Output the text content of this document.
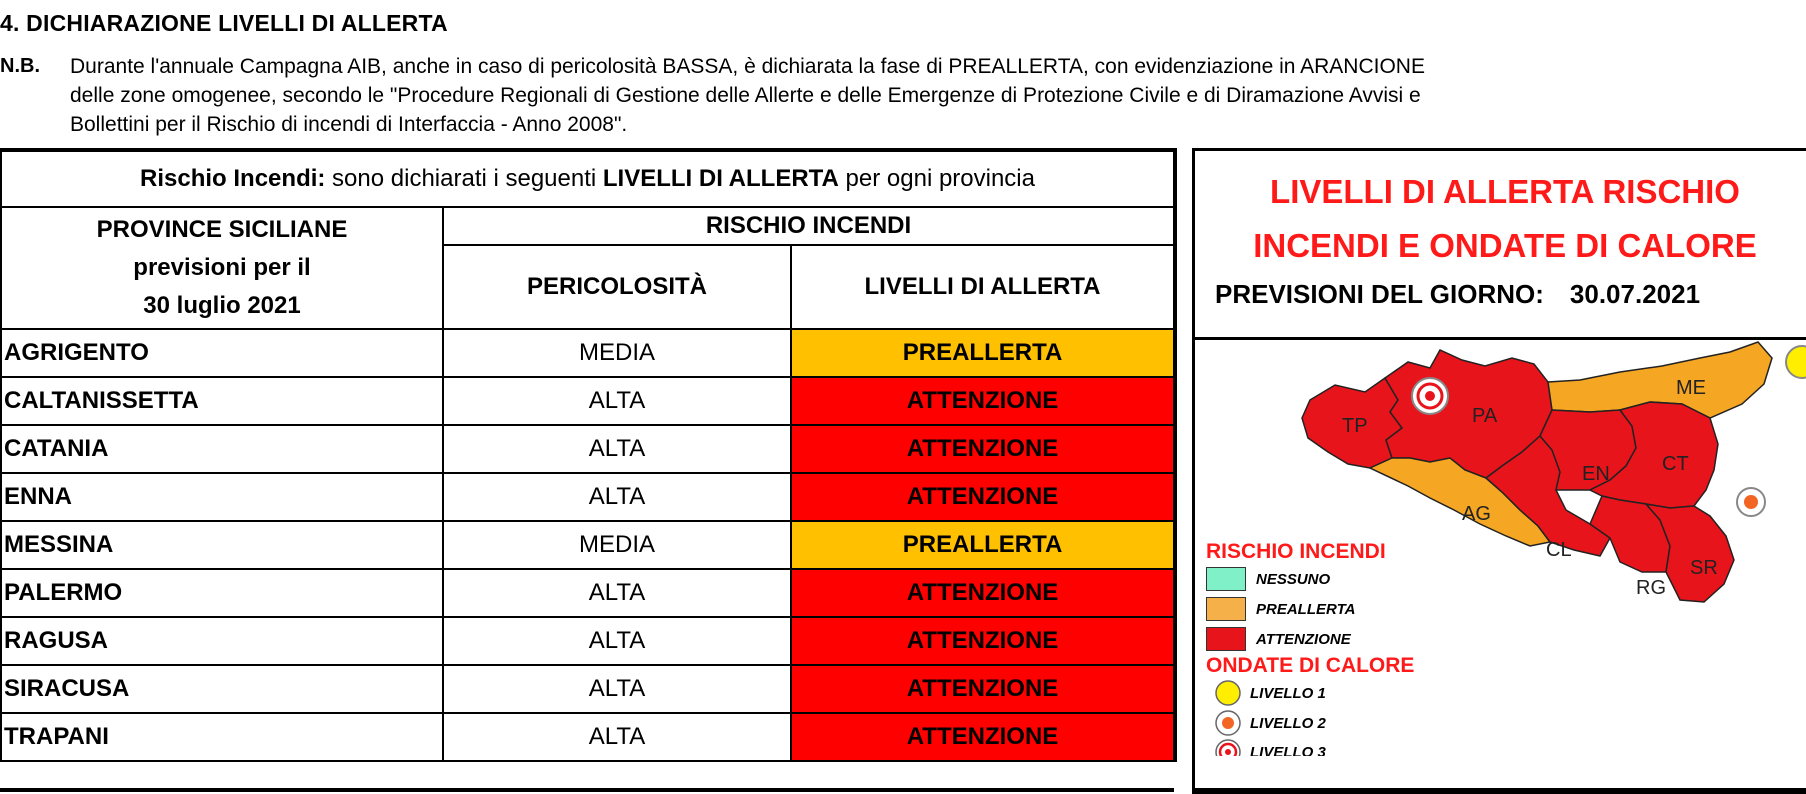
4. DICHIARAZIONE LIVELLI DI ALLERTA
N.B. Durante l'annuale Campagna AIB, anche in caso di pericolosità BASSA, è dichiarata la fase di PREALLERTA, con evidenziazione in ARANCIONE
delle zone omogenee, secondo le "Procedure Regionali di Gestione delle Allerte e delle Emergenze di Protezione Civile e di Diramazione Avvisi e
Bollettini per il Rischio di incendi di Interfaccia - Anno 2008".
Rischio Incendi: sono dichiarati i seguenti LIVELLI DI ALLERTA per ogni provincia		

PROVINCE SICILIANE
previsioni per il
30 luglio 2021	RISCHIO INCENDI	
	PERICOLOSITÀ	LIVELLI DI ALLERTA
AGRIGENTO	MEDIA	PREALLERTA
CALTANISSETTA	ALTA	ATTENZIONE
CATANIA	ALTA	ATTENZIONE
ENNA	ALTA	ATTENZIONE
MESSINA	MEDIA	PREALLERTA
PALERMO	ALTA	ATTENZIONE
RAGUSA	ALTA	ATTENZIONE
SIRACUSA	ALTA	ATTENZIONE
TRAPANI	ALTA	ATTENZIONE
LIVELLI DI ALLERTA RISCHIO
INCENDI E ONDATE DI CALORE
PREVISIONI DEL GIORNO: 30.07.2021
TP	PA
ME
AG
EN	CT
CL
RG
SR
RISCHIO INCENDI
NESSUNO
PREALLERTA
ATTENZIONE
ONDATE DI CALORE
LIVELLO 1
LIVELLO 2
LIVELLO 3
